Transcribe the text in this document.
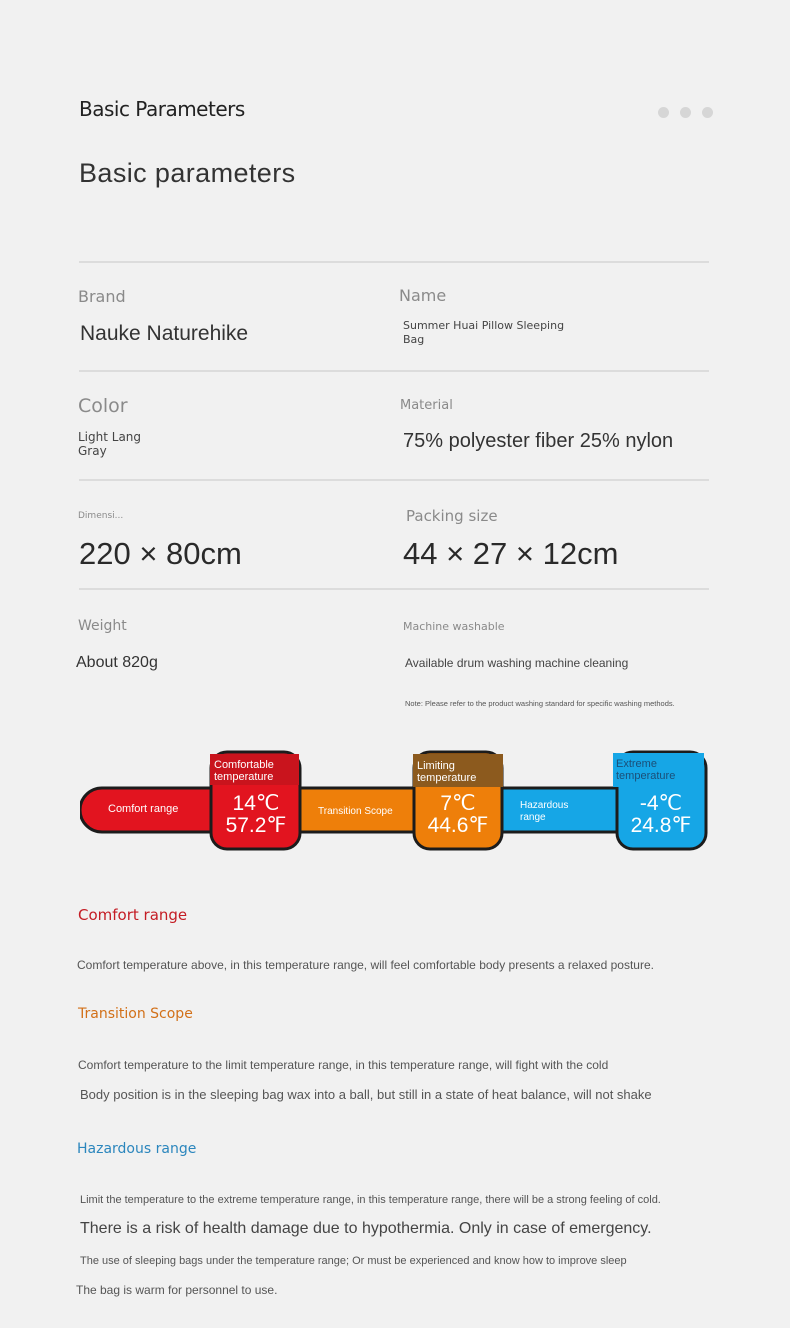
Basic Parameters
Basic parameters
Brand
Nauke Naturehike
Name
Summer Huai Pillow Sleeping
Bag
Color
Light Lang
Gray
Material
75% polyester fiber 25% nylon
Dimensi...
220 × 80cm
Packing size
44 × 27 × 12cm
Weight
About 820g
Machine washable
Available drum washing machine cleaning
Note: Please refer to the product washing standard for specific washing methods.
Comfort range
Comfortable
temperature
14℃
57.2℉
Transition Scope
Limiting
temperature
7℃
44.6℉
Hazardous
range
Extreme
temperature
-4℃
24.8℉
Comfort range
Comfort temperature above, in this temperature range, will feel comfortable body presents a relaxed posture.
Transition Scope
Comfort temperature to the limit temperature range, in this temperature range, will fight with the cold
Body position is in the sleeping bag wax into a ball, but still in a state of heat balance, will not shake
Hazardous range
Limit the temperature to the extreme temperature range, in this temperature range, there will be a strong feeling of cold.
There is a risk of health damage due to hypothermia. Only in case of emergency.
The use of sleeping bags under the temperature range; Or must be experienced and know how to improve sleep
The bag is warm for personnel to use.
